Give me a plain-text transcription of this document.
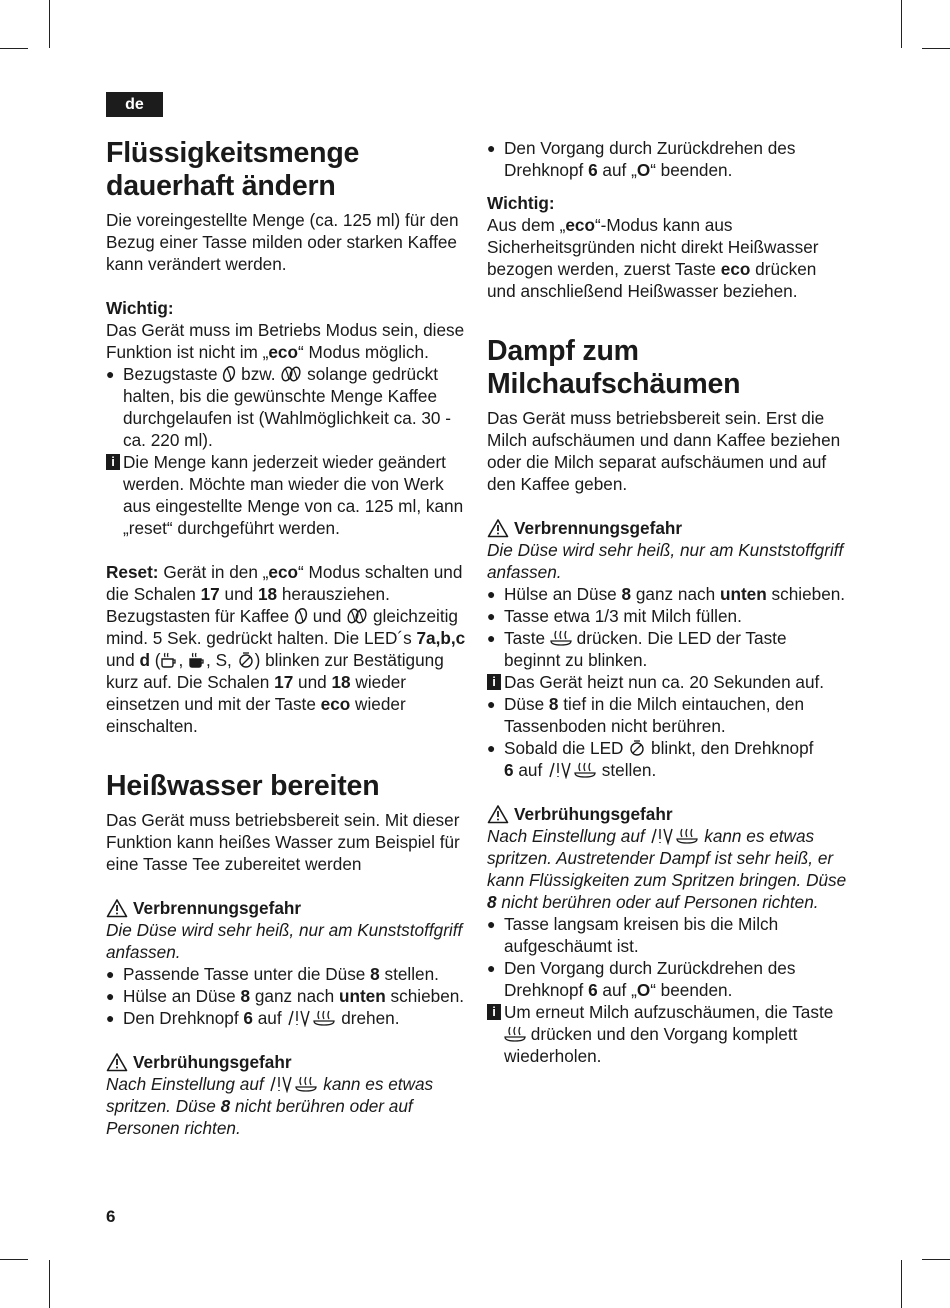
de
Flüssigkeitsmenge
dauerhaft ändern

Die voreingestellte Menge (ca. 125 ml) für den Bezug einer Tasse milden oder starken Kaffee kann verändert werden.

Wichtig:

Das Gerät muss im Betriebs Modus sein, diese Funktion ist nicht im „eco“ Modus möglich.

● Bezugstaste bzw. solange gedrückt halten, bis die gewünschte Menge Kaffee durchgelaufen ist (Wahlmöglichkeit ca. 30 - ca. 220 ml).
i Die Menge kann jederzeit wieder geändert werden. Möchte man wieder die von Werk aus eingestellte Menge von ca. 125 ml, kann „reset“ durchgeführt werden.

Reset: Gerät in den „eco“ Modus schalten und die Schalen 17 und 18 herausziehen. Bezugstasten für Kaffee und gleichzeitig mind. 5 Sek. gedrückt halten. Die LED´s 7a,b,c und d ( , , S, ) blinken zur Bestätigung kurz auf. Die Schalen 17 und 18 wieder einsetzen und mit der Taste eco wieder einschalten.

Heißwasser bereiten

Das Gerät muss betriebsbereit sein. Mit dieser Funktion kann heißes Wasser zum Beispiel für eine Tasse Tee zubereitet werden

Verbrennungsgefahr

Die Düse wird sehr heiß, nur am Kunststoffgriff anfassen.

● Passende Tasse unter die Düse 8 stellen.
● Hülse an Düse 8 ganz nach unten schieben.
● Den Drehknopf 6 auf	drehen.
Verbrühungsgefahr

Nach Einstellung auf	kann es etwas spritzen. Düse 8 nicht berühren oder auf Personen richten.

● Den Vorgang durch Zurückdrehen des Drehknopf 6 auf „O“ beenden.
Wichtig:

Aus dem „eco“-Modus kann aus Sicherheitsgründen nicht direkt Heißwasser bezogen werden, zuerst Taste eco drücken und anschließend Heißwasser beziehen.

Dampf zum
Milchaufschäumen

Das Gerät muss betriebsbereit sein. Erst die Milch aufschäumen und dann Kaffee beziehen oder die Milch separat aufschäumen und auf den Kaffee geben.

Verbrennungsgefahr

Die Düse wird sehr heiß, nur am Kunststoffgriff anfassen.

● Hülse an Düse 8 ganz nach unten schieben.
● Tasse etwa 1/3 mit Milch füllen.
● Taste drücken. Die LED der Taste beginnt zu blinken.
i Das Gerät heizt nun ca. 20 Sekunden auf.
● Düse 8 tief in die Milch eintauchen, den Tassenboden nicht berühren.
● Sobald die LED blinkt, den Drehknopf
6 auf	stellen.
Verbrühungsgefahr

Nach Einstellung auf	kann es etwas spritzen. Austretender Dampf ist sehr heiß, er kann Flüssigkeiten zum Spritzen bringen. Düse 8 nicht berühren oder auf Personen richten.

● Tasse langsam kreisen bis die Milch aufgeschäumt ist.
● Den Vorgang durch Zurückdrehen des Drehknopf 6 auf „O“ beenden.
i Um erneut Milch aufzuschäumen, die Taste  drücken und den Vorgang komplett wiederholen.
6
